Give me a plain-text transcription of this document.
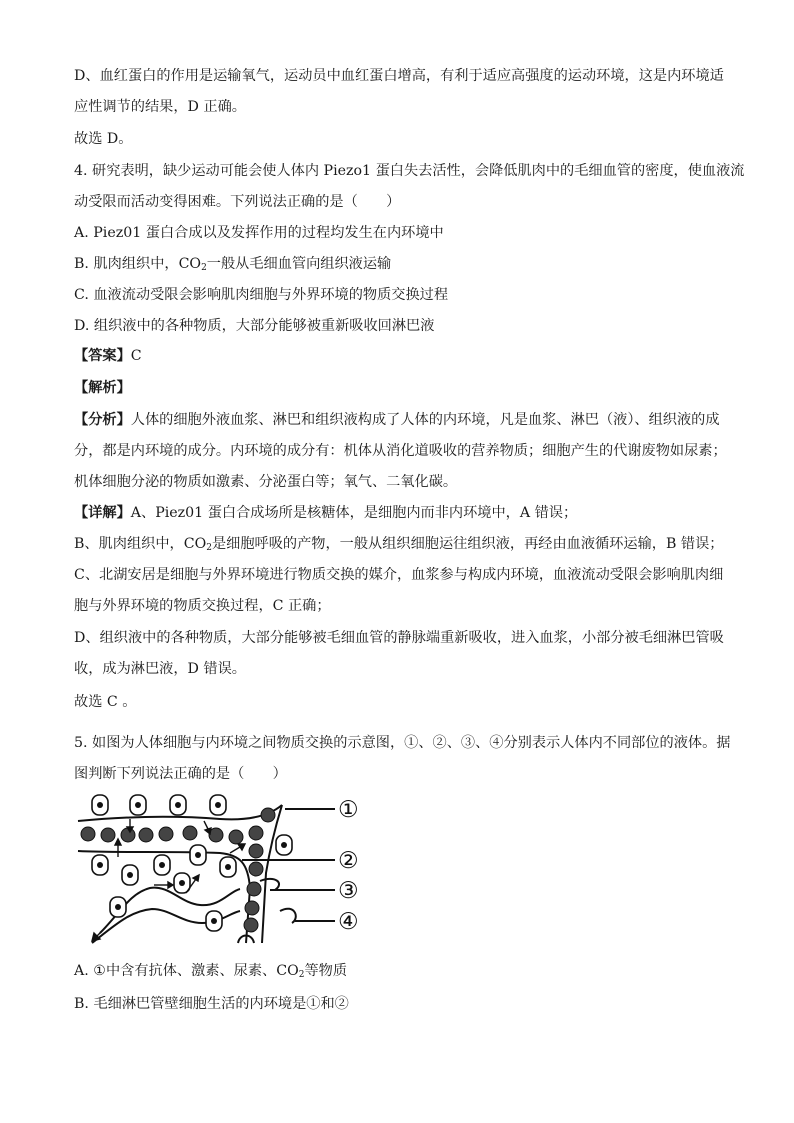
D、血红蛋白的作用是运输氧气，运动员中血红蛋白增高，有利于适应高强度的运动环境，这是内环境适
应性调节的结果，D 正确。
故选 D。
4. 研究表明，缺少运动可能会使人体内 Piezo1 蛋白失去活性，会降低肌肉中的毛细血管的密度，使血液流
动受限而活动变得困难。下列说法正确的是（　　）
A. Piez01 蛋白合成以及发挥作用的过程均发生在内环境中
B. 肌肉组织中，$CO_2$一般从毛细血管向组织液运输
C. 血液流动受限会影响肌肉细胞与外界环境的物质交换过程
D. 组织液中的各种物质，大部分能够被重新吸收回淋巴液
【答案】C
【解析】
【分析】人体的细胞外液血浆、淋巴和组织液构成了人体的内环境，凡是血浆、淋巴（液）、组织液的成
分，都是内环境的成分。内环境的成分有：机体从消化道吸收的营养物质；细胞产生的代谢废物如尿素；
机体细胞分泌的物质如激素、分泌蛋白等；氧气、二氧化碳。
【详解】A、Piez01 蛋白合成场所是核糖体，是细胞内而非内环境中，A 错误；
B、肌肉组织中，$CO_2$是细胞呼吸的产物，一般从组织细胞运往组织液，再经由血液循环运输，B 错误；
C、北湖安居是细胞与外界环境进行物质交换的媒介，血浆参与构成内环境，血液流动受限会影响肌肉细
胞与外界环境的物质交换过程，C 正确；
D、组织液中的各种物质，大部分能够被毛细血管的静脉端重新吸收，进入血浆，小部分被毛细淋巴管吸
收，成为淋巴液，D 错误。
故选 C 。
5. 如图为人体细胞与内环境之间物质交换的示意图，①、②、③、④分别表示人体内不同部位的液体。据
图判断下列说法正确的是（　　）
①
②
③
④
A. ①中含有抗体、激素、尿素、$CO_2$等物质
B. 毛细淋巴管壁细胞生活的内环境是①和②
